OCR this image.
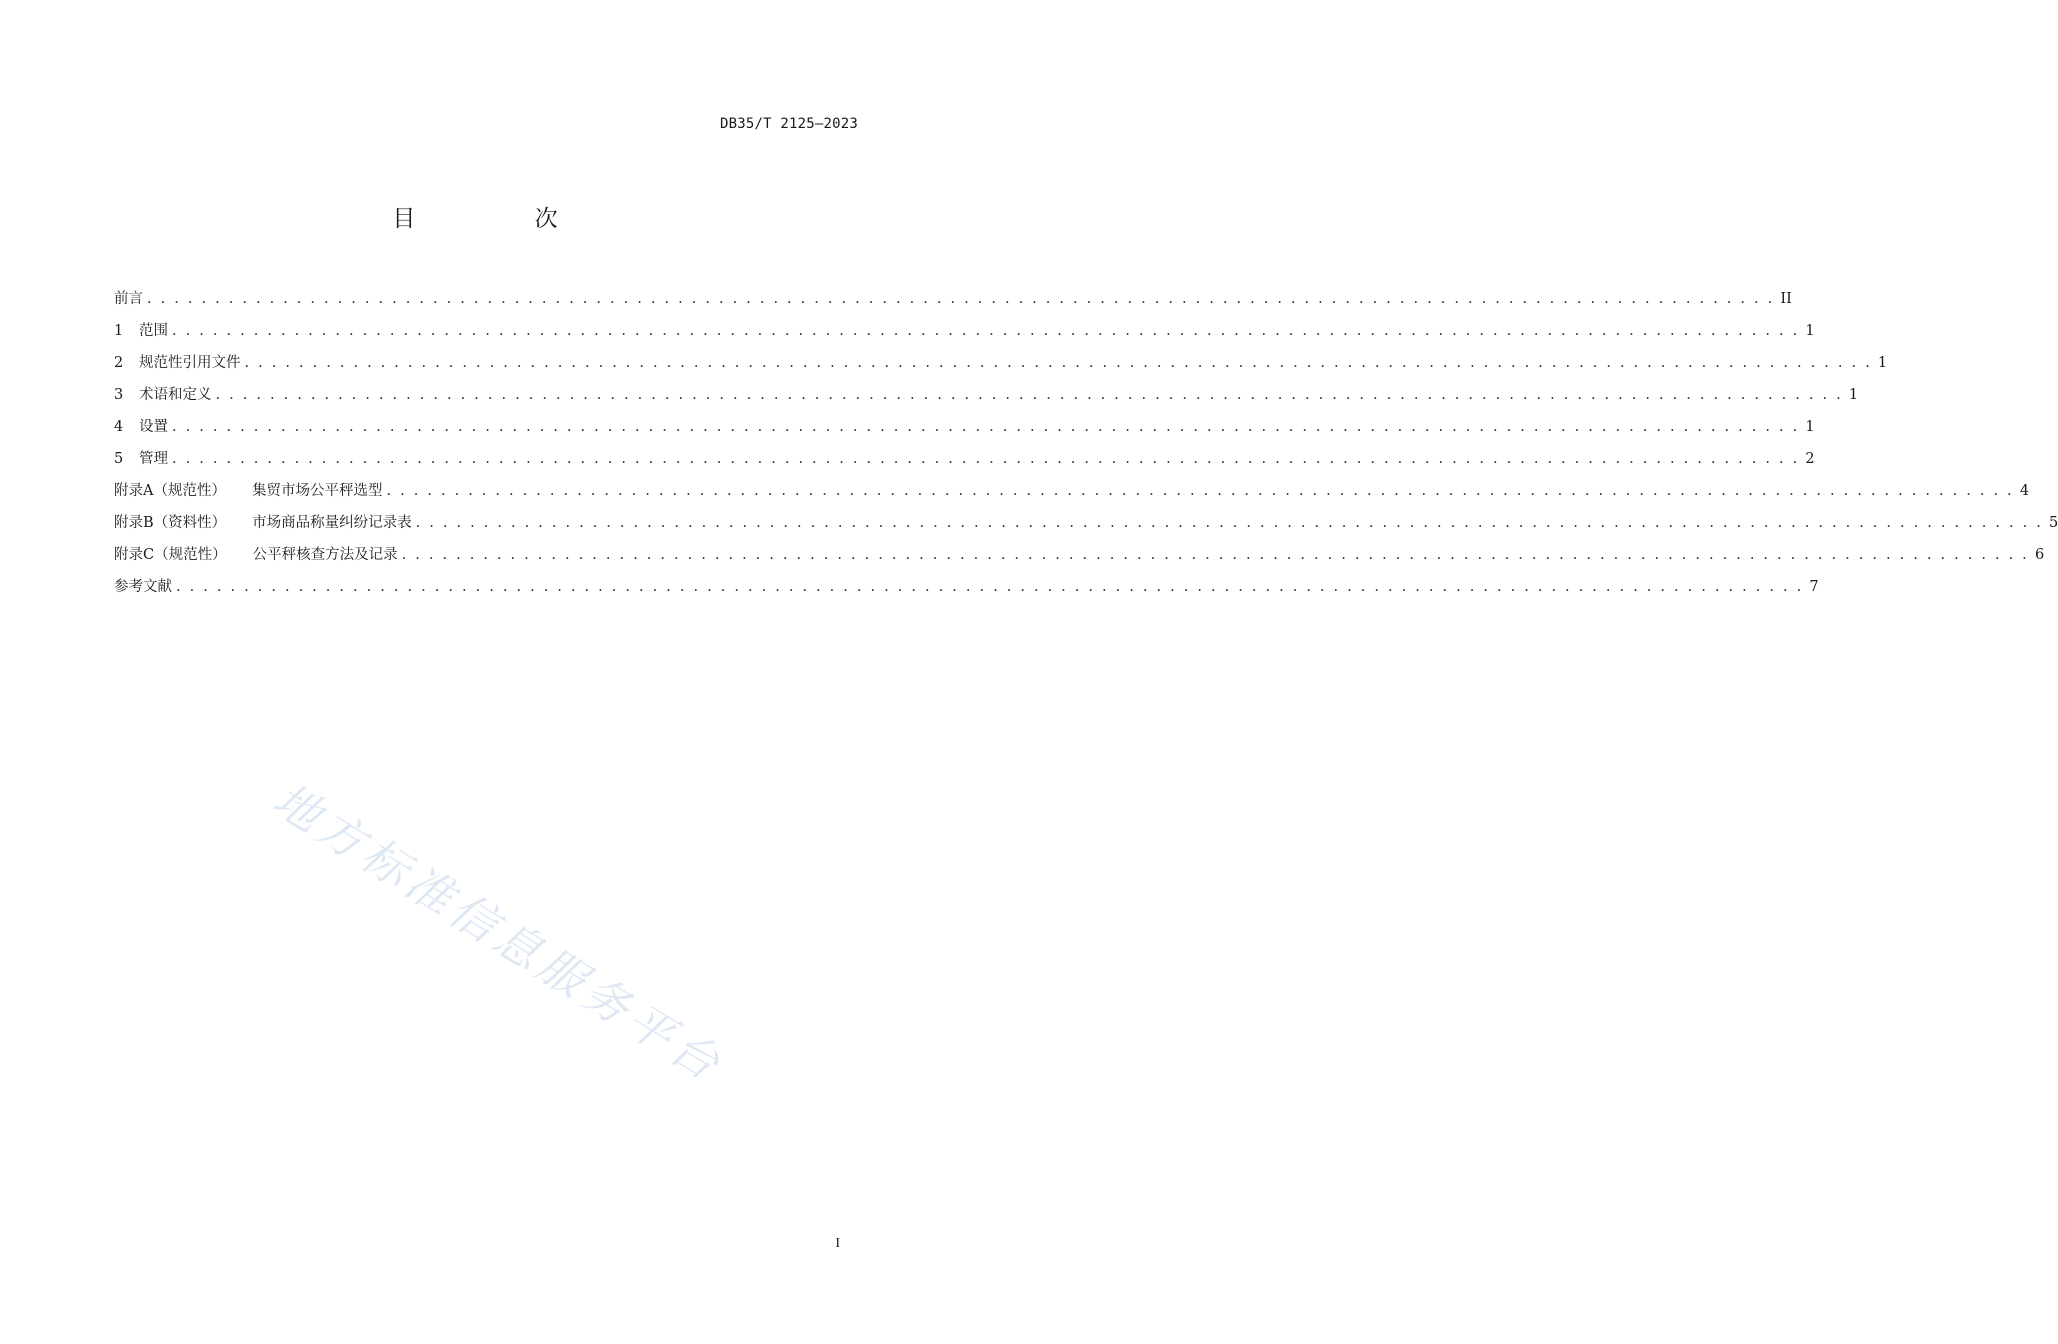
DB35/T 2125—2023
目 次
前言 . . . . . . . . . . . . . . . . . . . . . . . . . . . . . . . . . . . . . . . . . . . . . . . . . . . . . . . . . . . . . . . . . . . . . . . . . . . . . . . . . . . . . . . . . . . . . . . . . . . . . . . . . . . . . . . . . . . . . . . . II
1 范围 . . . . . . . . . . . . . . . . . . . . . . . . . . . . . . . . . . . . . . . . . . . . . . . . . . . . . . . . . . . . . . . . . . . . . . . . . . . . . . . . . . . . . . . . . . . . . . . . . . . . . . . . . . . . . . . . . . . . . . . . 1
2 规范性引用文件 . . . . . . . . . . . . . . . . . . . . . . . . . . . . . . . . . . . . . . . . . . . . . . . . . . . . . . . . . . . . . . . . . . . . . . . . . . . . . . . . . . . . . . . . . . . . . . . . . . . . . . . . . . . . . . . . . . . . . . . . 1
3 术语和定义 . . . . . . . . . . . . . . . . . . . . . . . . . . . . . . . . . . . . . . . . . . . . . . . . . . . . . . . . . . . . . . . . . . . . . . . . . . . . . . . . . . . . . . . . . . . . . . . . . . . . . . . . . . . . . . . . . . . . . . . . 1
4 设置 . . . . . . . . . . . . . . . . . . . . . . . . . . . . . . . . . . . . . . . . . . . . . . . . . . . . . . . . . . . . . . . . . . . . . . . . . . . . . . . . . . . . . . . . . . . . . . . . . . . . . . . . . . . . . . . . . . . . . . . . 1
5 管理 . . . . . . . . . . . . . . . . . . . . . . . . . . . . . . . . . . . . . . . . . . . . . . . . . . . . . . . . . . . . . . . . . . . . . . . . . . . . . . . . . . . . . . . . . . . . . . . . . . . . . . . . . . . . . . . . . . . . . . . . 2
附录A（规范性） 集贸市场公平秤选型 . . . . . . . . . . . . . . . . . . . . . . . . . . . . . . . . . . . . . . . . . . . . . . . . . . . . . . . . . . . . . . . . . . . . . . . . . . . . . . . . . . . . . . . . . . . . . . . . . . . . . . . . . . . . . . . . . . . . . . . . 4
附录B（资料性） 市场商品称量纠纷记录表 . . . . . . . . . . . . . . . . . . . . . . . . . . . . . . . . . . . . . . . . . . . . . . . . . . . . . . . . . . . . . . . . . . . . . . . . . . . . . . . . . . . . . . . . . . . . . . . . . . . . . . . . . . . . . . . . . . . . . . . . 5
附录C（规范性） 公平秤核查方法及记录 . . . . . . . . . . . . . . . . . . . . . . . . . . . . . . . . . . . . . . . . . . . . . . . . . . . . . . . . . . . . . . . . . . . . . . . . . . . . . . . . . . . . . . . . . . . . . . . . . . . . . . . . . . . . . . . . . . . . . . . . 6
参考文献 . . . . . . . . . . . . . . . . . . . . . . . . . . . . . . . . . . . . . . . . . . . . . . . . . . . . . . . . . . . . . . . . . . . . . . . . . . . . . . . . . . . . . . . . . . . . . . . . . . . . . . . . . . . . . . . . . . . . . . . . 7
地方标准信息服务平台
I
